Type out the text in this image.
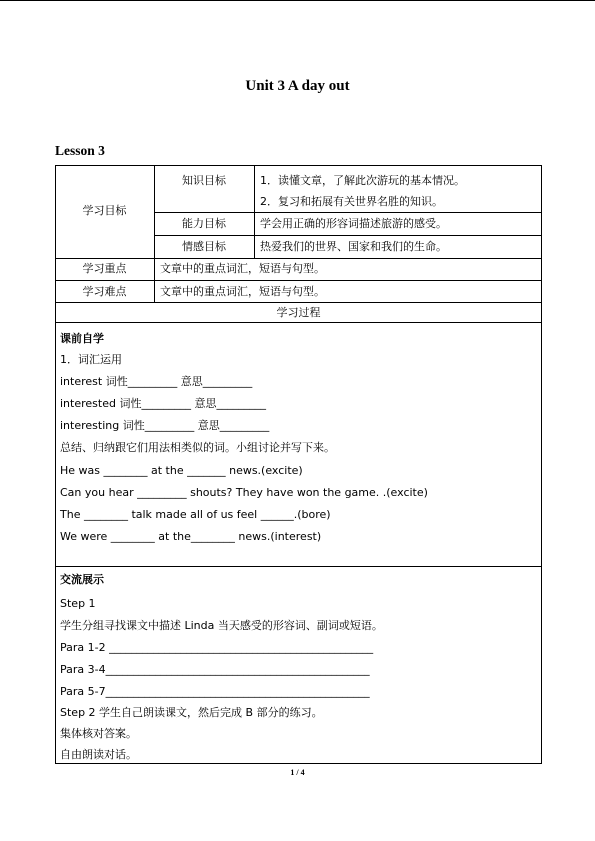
Unit 3 A day out
Lesson 3
学习目标
知识目标	1．读懂文章，了解此次游玩的基本情况。
2．复习和拓展有关世界名胜的知识。
能力目标	学会用正确的形容词描述旅游的感受。
情感目标	热爱我们的世界、国家和我们的生命。
学习重点	文章中的重点词汇，短语与句型。
学习难点	文章中的重点词汇，短语与句型。
学习过程
课前自学
1．词汇运用
interest 词性_________ 意思_________
interested 词性_________ 意思_________
interesting 词性_________ 意思_________
总结、归纳跟它们用法相类似的词。小组讨论并写下来。
He was ________ at the _______ news.(excite)
Can you hear _________ shouts? They have won the game. .(excite)
The ________ talk made all of us feel ______.(bore)
We were ________ at the________ news.(interest)
交流展示
Step 1
学生分组寻找课文中描述 Linda 当天感受的形容词、副词或短语。
Para 1-2 ________________________________________________
Para 3-4________________________________________________
Para 5-7________________________________________________
Step 2 学生自己朗读课文，然后完成 B 部分的练习。
集体核对答案。
自由朗读对话。
1 / 4
